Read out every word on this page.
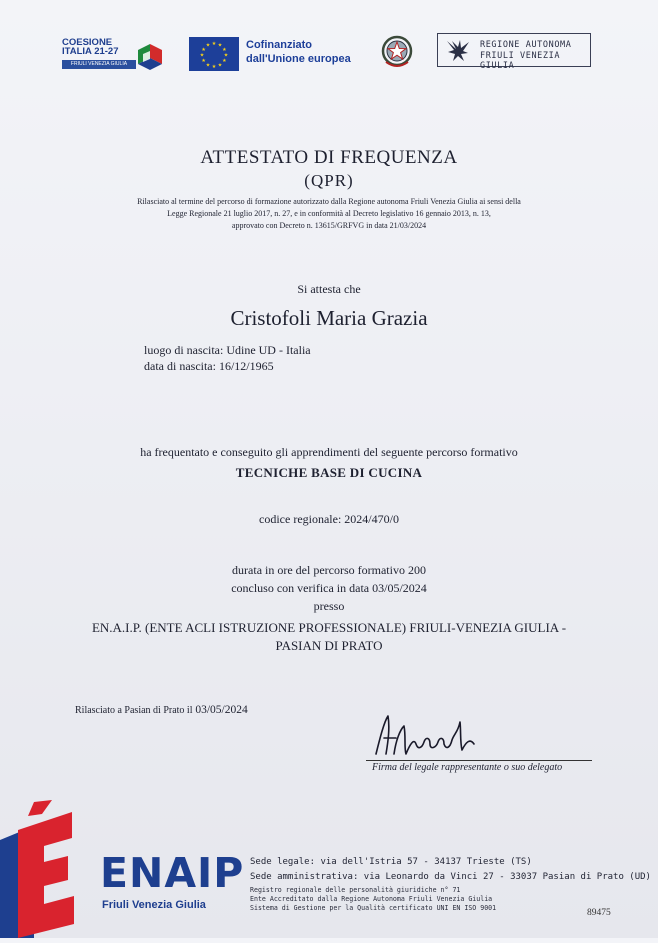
COESIONE
ITALIA 21-27
FRIULI VENEZIA GIULIA
★ ★
★
★
★
★
★
★
★
★
★
★	Cofinanziato
dall'Unione europea
REGIONE AUTONOMA
FRIULI VENEZIA GIULIA
ATTESTATO DI FREQUENZA
(QPR)
Rilasciato al termine del percorso di formazione autorizzato dalla Regione autonoma Friuli Venezia Giulia ai sensi della
Legge Regionale 21 luglio 2017, n. 27, e in conformità al Decreto legislativo 16 gennaio 2013, n. 13,
approvato con Decreto n. 13615/GRFVG in data 21/03/2024
Si attesta che
Cristofoli Maria Grazia
luogo di nascita: Udine UD - Italia
data di nascita: 16/12/1965
ha frequentato e conseguito gli apprendimenti del seguente percorso formativo
TECNICHE BASE DI CUCINA
codice regionale: 2024/470/0
durata in ore del percorso formativo 200
concluso con verifica in data 03/05/2024
presso
EN.A.I.P. (ENTE ACLI ISTRUZIONE PROFESSIONALE) FRIULI-VENEZIA GIULIA -
PASIAN DI PRATO
Rilasciato a Pasian di Prato il 03/05/2024
Firma del legale rappresentante o suo delegato
ENAIP
Friuli Venezia Giulia
Sede legale: via dell'Istria 57 - 34137 Trieste (TS)
Sede amministrativa: via Leonardo da Vinci 27 - 33037 Pasian di Prato (UD)
Registro regionale delle personalità giuridiche n° 71
Ente Accreditato dalla Regione Autonoma Friuli Venezia Giulia
Sistema di Gestione per la Qualità certificato UNI EN ISO 9001	89475
